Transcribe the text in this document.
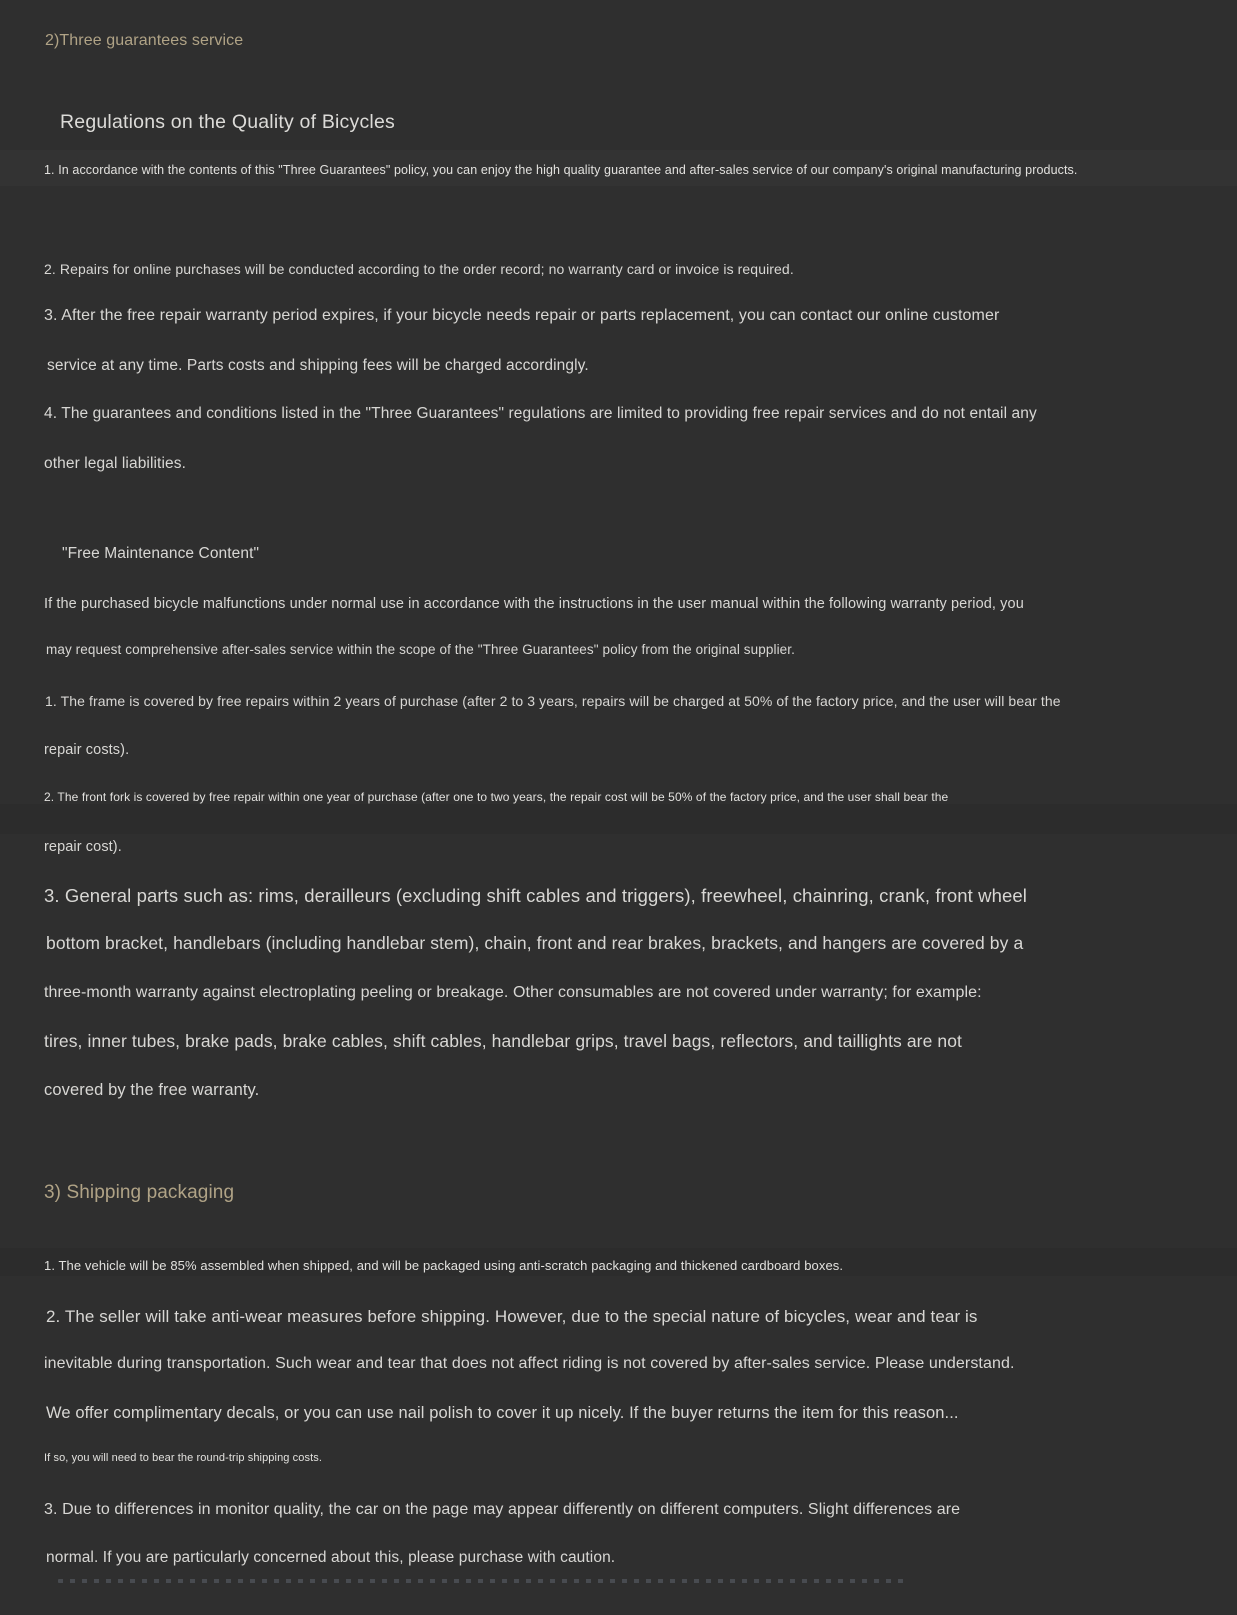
2)Three guarantees service
Regulations on the Quality of Bicycles
1. In accordance with the contents of this "Three Guarantees" policy, you can enjoy the high quality guarantee and after-sales service of our company's original manufacturing products.
2. Repairs for online purchases will be conducted according to the order record; no warranty card or invoice is required.
3. After the free repair warranty period expires, if your bicycle needs repair or parts replacement, you can contact our online customer
service at any time. Parts costs and shipping fees will be charged accordingly.
4. The guarantees and conditions listed in the "Three Guarantees" regulations are limited to providing free repair services and do not entail any
other legal liabilities.
"Free Maintenance Content"
If the purchased bicycle malfunctions under normal use in accordance with the instructions in the user manual within the following warranty period, you
may request comprehensive after-sales service within the scope of the "Three Guarantees" policy from the original supplier.
1. The frame is covered by free repairs within 2 years of purchase (after 2 to 3 years, repairs will be charged at 50% of the factory price, and the user will bear the
repair costs).
2. The front fork is covered by free repair within one year of purchase (after one to two years, the repair cost will be 50% of the factory price, and the user shall bear the
repair cost).
3. General parts such as: rims, derailleurs (excluding shift cables and triggers), freewheel, chainring, crank, front wheel
bottom bracket, handlebars (including handlebar stem), chain, front and rear brakes, brackets, and hangers are covered by a
three-month warranty against electroplating peeling or breakage. Other consumables are not covered under warranty; for example:
tires, inner tubes, brake pads, brake cables, shift cables, handlebar grips, travel bags, reflectors, and taillights are not
covered by the free warranty.
3) Shipping packaging
1. The vehicle will be 85% assembled when shipped, and will be packaged using anti-scratch packaging and thickened cardboard boxes.
2. The seller will take anti-wear measures before shipping. However, due to the special nature of bicycles, wear and tear is
inevitable during transportation. Such wear and tear that does not affect riding is not covered by after-sales service. Please understand.
We offer complimentary decals, or you can use nail polish to cover it up nicely. If the buyer returns the item for this reason...
If so, you will need to bear the round-trip shipping costs.
3. Due to differences in monitor quality, the car on the page may appear differently on different computers. Slight differences are
normal. If you are particularly concerned about this, please purchase with caution.
